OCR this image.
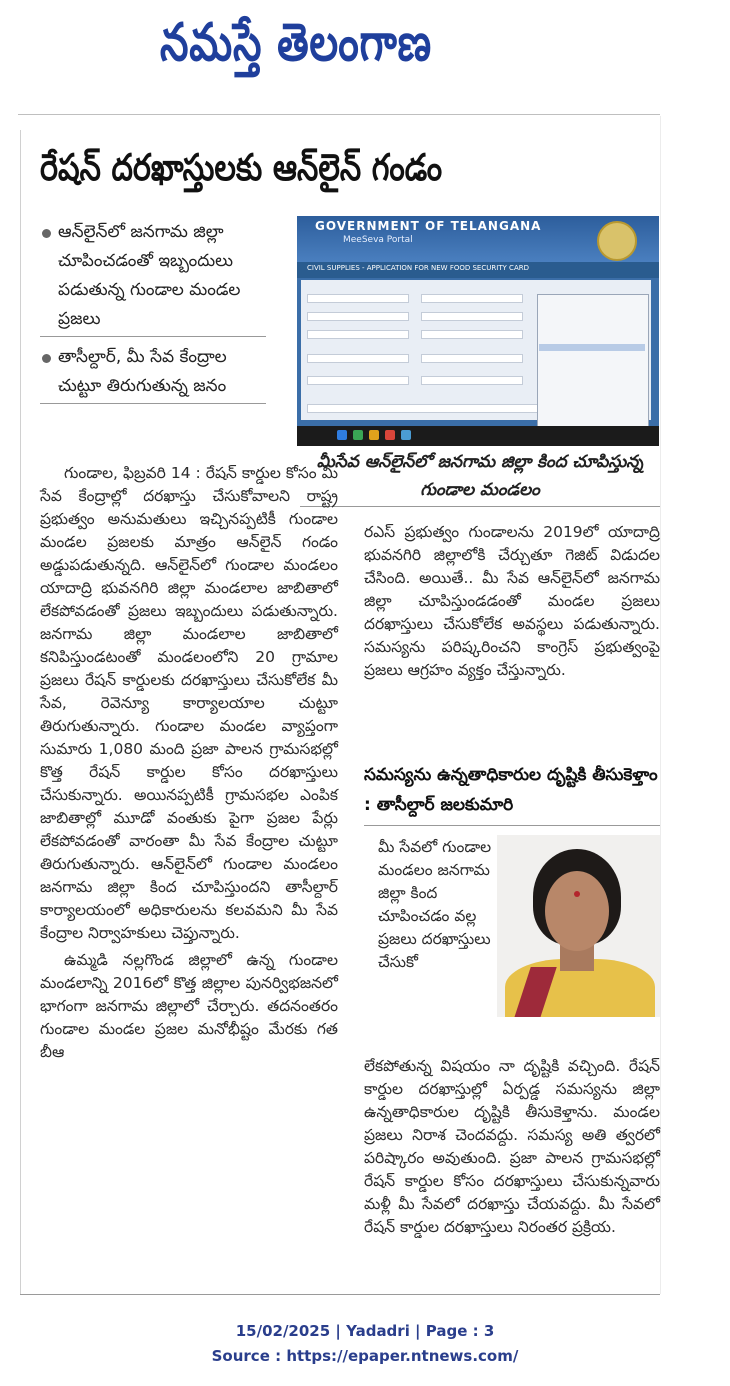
నమస్తే తెలంగాణ
రేషన్ దరఖాస్తులకు ఆన్‌లైన్ గండం
ఆన్‌లైన్‌లో జనగామ జిల్లా చూపించడంతో ఇబ్బందులు పడుతున్న గుండాల మండల ప్రజలు
తాసీల్దార్, మీ సేవ కేంద్రాల చుట్టూ తిరుగుతున్న జనం
GOVERNMENT OF TELANGANA
MeeSeva Portal
CIVIL SUPPLIES - APPLICATION FOR NEW FOOD SECURITY CARD
మీసేవ ఆన్‌లైన్‌లో జనగామ జిల్లా కింద చూపిస్తున్న గుండాల మండలం

గుండాల, ఫిబ్రవరి 14 : రేషన్ కార్డుల కోసం మీ సేవ కేంద్రాల్లో దరఖాస్తు చేసుకోవాలని రాష్ట్ర ప్రభుత్వం అనుమతులు ఇచ్చినప్పటికీ గుండాల మండల ప్రజలకు మాత్రం ఆన్‌లైన్ గండం అడ్డుపడుతున్నది. ఆన్‌లైన్‌లో గుండాల మండలం యాదాద్రి భువనగిరి జిల్లా మండలాల జాబితాలో లేకపోవడంతో ప్రజలు ఇబ్బందులు పడుతున్నారు. జనగామ జిల్లా మండలాల జాబితాలో కనిపిస్తుండటంతో మండలంలోని 20 గ్రామాల ప్రజలు రేషన్ కార్డులకు దరఖాస్తులు చేసుకోలేక మీ సేవ, రెవెన్యూ కార్యాలయాల చుట్టూ తిరుగుతున్నారు. గుండాల మండల వ్యాప్తంగా సుమారు 1,080 మంది ప్రజా పాలన గ్రామసభల్లో కొత్త రేషన్ కార్డుల కోసం దరఖాస్తులు చేసుకున్నారు. అయినప్పటికీ గ్రామసభల ఎంపిక జాబితాల్లో మూడో వంతుకు పైగా ప్రజల పేర్లు లేకపోవడంతో వారంతా మీ సేవ కేంద్రాల చుట్టూ తిరుగుతున్నారు. ఆన్‌లైన్‌లో గుండాల మండలం జనగామ జిల్లా కింద చూపిస్తుందని తాసీల్దార్ కార్యాలయంలో అధికారులను కలవమని మీ సేవ కేంద్రాల నిర్వాహకులు చెప్తున్నారు.

ఉమ్మడి నల్లగొండ జిల్లాలో ఉన్న గుండాల మండలాన్ని 2016లో కొత్త జిల్లాల పునర్విభజనలో భాగంగా జనగామ జిల్లాలో చేర్చారు. తదనంతరం గుండాల మండల ప్రజల మనోభీష్టం మేరకు గత బీఆ

రఎస్ ప్రభుత్వం గుండాలను 2019లో యాదాద్రి భువనగిరి జిల్లాలోకి చేర్చుతూ గెజిట్ విడుదల చేసింది. అయితే.. మీ సేవ ఆన్‌లైన్‌లో జనగామ జిల్లా చూపిస్తుండడంతో మండల ప్రజలు దరఖాస్తులు చేసుకోలేక అవస్థలు పడుతున్నారు. సమస్యను పరిష్కరించని కాంగ్రెస్ ప్రభుత్వంపై ప్రజలు ఆగ్రహం వ్యక్తం చేస్తున్నారు.

సమస్యను ఉన్నతాధికారుల దృష్టికి తీసుకెళ్తాం : తాసీల్దార్ జలకుమారి

మీ సేవలో గుండాల మండలం జనగామ జిల్లా కింద చూపించడం వల్ల ప్రజలు దరఖాస్తులు చేసుకో

లేకపోతున్న విషయం నా దృష్టికి వచ్చింది. రేషన్ కార్డుల దరఖాస్తుల్లో ఏర్పడ్డ సమస్యను జిల్లా ఉన్నతాధికారుల దృష్టికి తీసుకెళ్తాను. మండల ప్రజలు నిరాశ చెందవద్దు. సమస్య అతి త్వరలో పరిష్కారం అవుతుంది. ప్రజా పాలన గ్రామసభల్లో రేషన్ కార్డుల కోసం దరఖాస్తులు చేసుకున్నవారు మళ్లీ మీ సేవలో దరఖాస్తు చేయవద్దు. మీ సేవలో రేషన్ కార్డుల దరఖాస్తులు నిరంతర ప్రక్రియ.

15/02/2025 | Yadadri | Page : 3
Source : https://epaper.ntnews.com/
